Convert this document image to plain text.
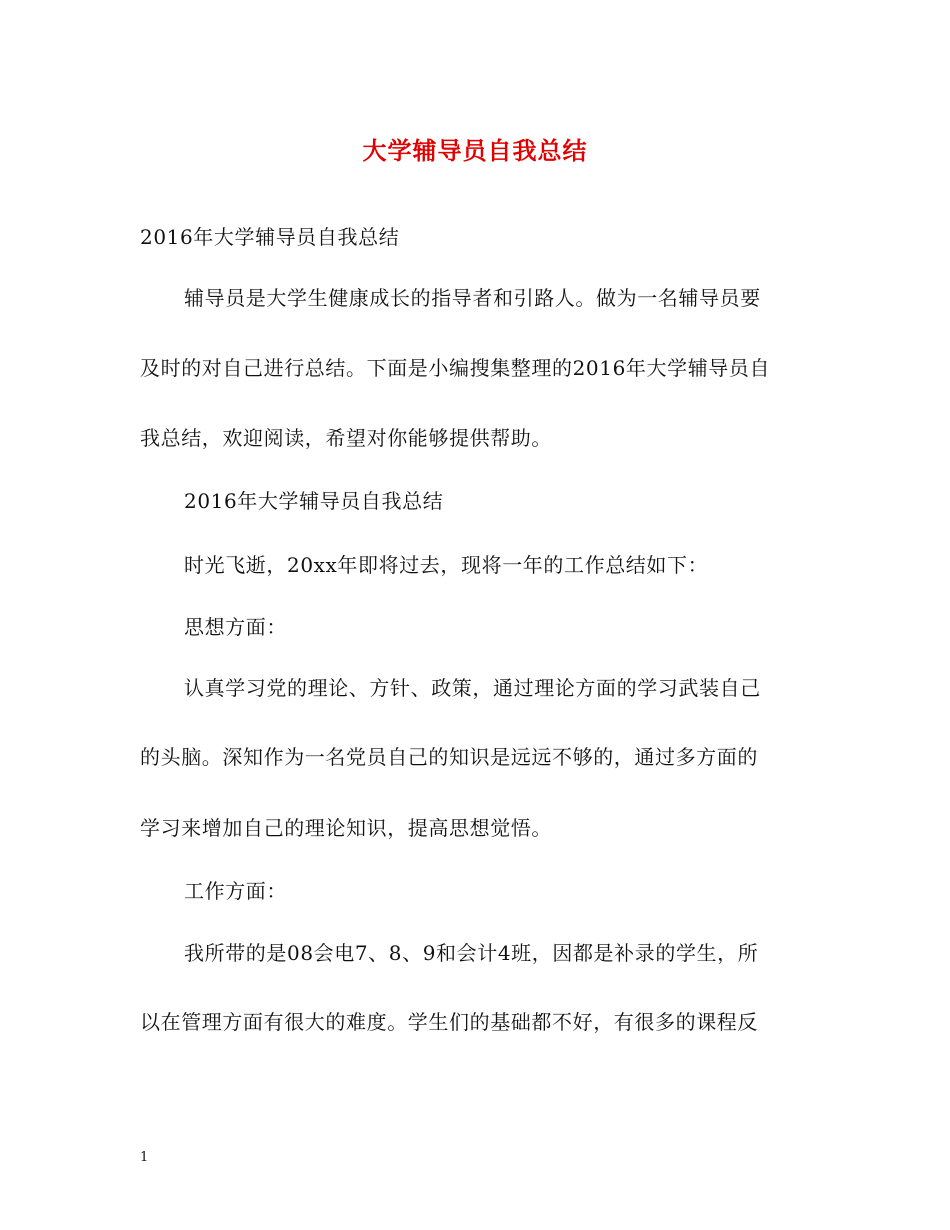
大学辅导员自我总结
2016年大学辅导员自我总结
辅导员是大学生健康成长的指导者和引路人。做为一名辅导员要
及时的对自己进行总结。下面是小编搜集整理的2016年大学辅导员自
我总结，欢迎阅读，希望对你能够提供帮助。
2016年大学辅导员自我总结
时光飞逝，20xx年即将过去，现将一年的工作总结如下：
思想方面：
认真学习党的理论、方针、政策，通过理论方面的学习武装自己
的头脑。深知作为一名党员自己的知识是远远不够的，通过多方面的
学习来增加自己的理论知识，提高思想觉悟。
工作方面：
我所带的是08会电7、8、9和会计4班，因都是补录的学生，所
以在管理方面有很大的难度。学生们的基础都不好，有很多的课程反
1
